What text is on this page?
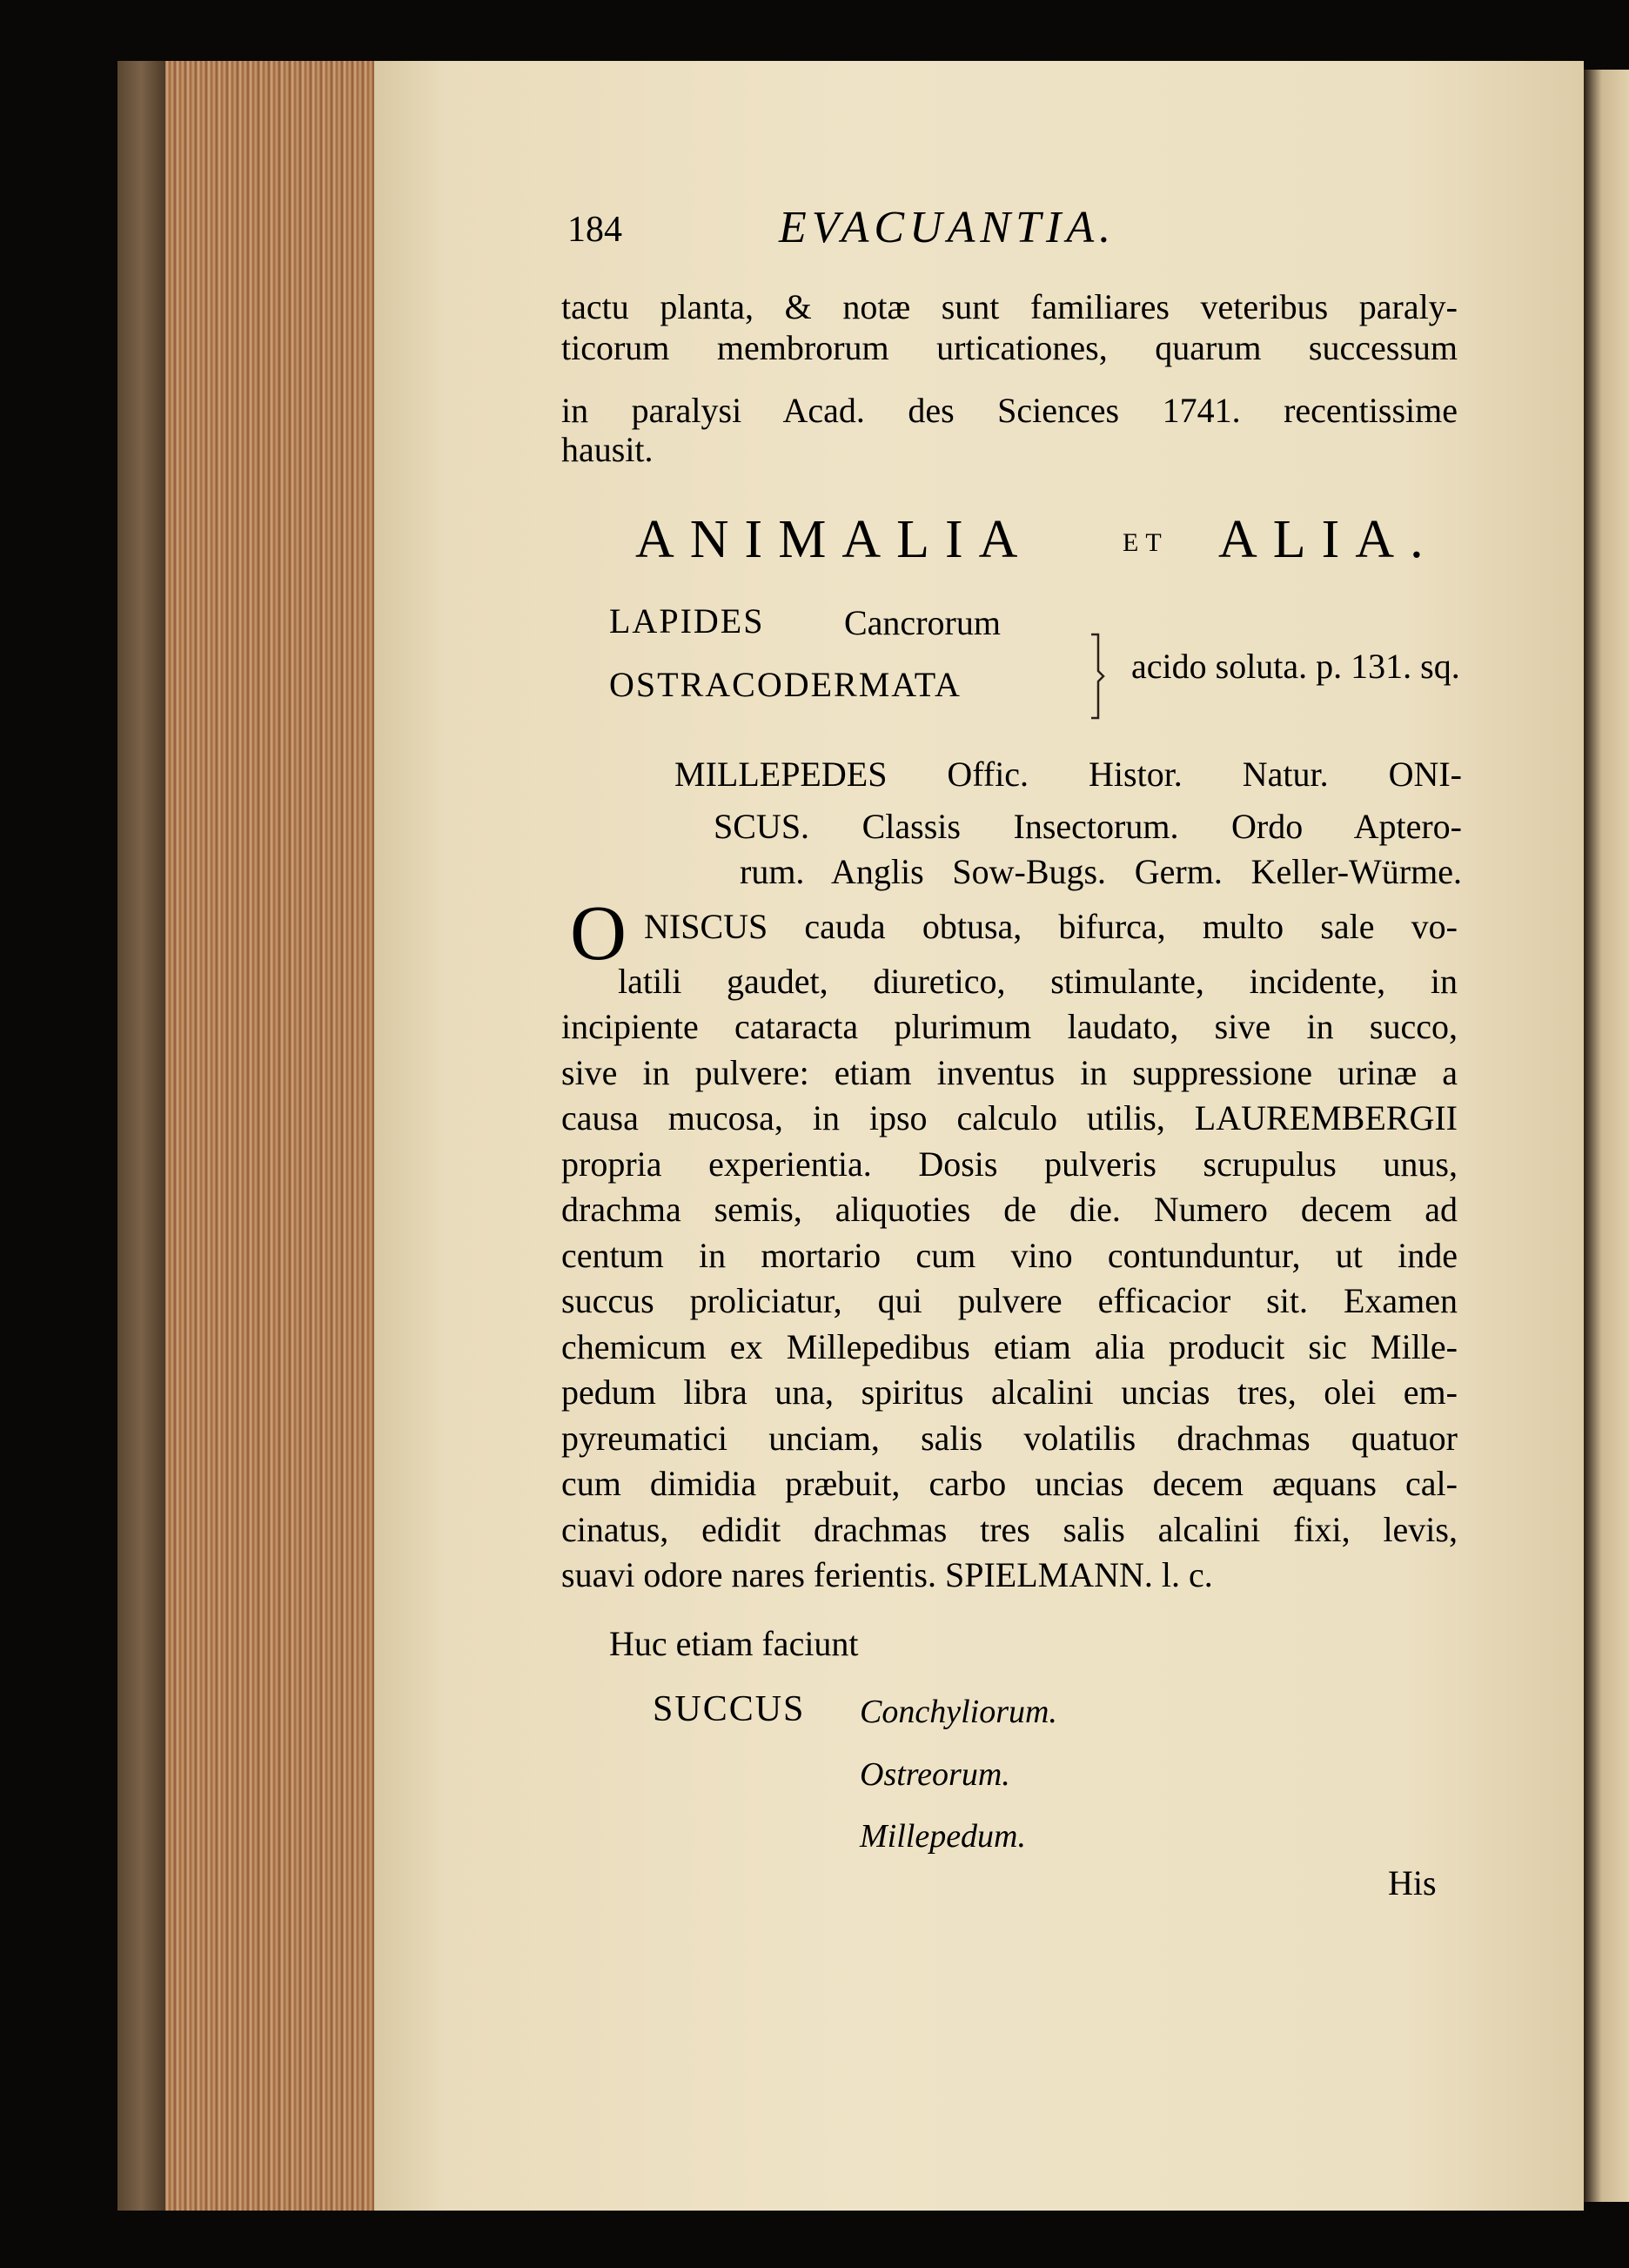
184	EVACUANTIA.
tactu planta, & notæ sunt familiares veteribus paraly-
ticorum membrorum urticationes, quarum successum
in paralysi Acad. des Sciences 1741. recentissime
hausit.
ANIMALIA	ET ALIA.
LAPIDES Cancrorum
OSTRACODERMATA	acido soluta. p. 131. sq.
MILLEPEDES Offic. Histor. Natur. ONI-
SCUS. Classis Insectorum. Ordo Aptero-
rum. Anglis Sow-Bugs. Germ. Keller-Würme.
O NISCUS cauda obtusa, bifurca, multo sale vo-
latili gaudet, diuretico, stimulante, incidente, in
incipiente cataracta plurimum laudato, sive in succo,
sive in pulvere: etiam inventus in suppressione urinæ a
causa mucosa, in ipso calculo utilis, LAUREMBERGII
propria experientia. Dosis pulveris scrupulus unus,
drachma semis, aliquoties de die. Numero decem ad
centum in mortario cum vino contunduntur, ut inde
succus proliciatur, qui pulvere efficacior sit. Examen
chemicum ex Millepedibus etiam alia producit sic Mille-
pedum libra una, spiritus alcalini uncias tres, olei em-
pyreumatici unciam, salis volatilis drachmas quatuor
cum dimidia præbuit, carbo uncias decem æquans cal-
cinatus, edidit drachmas tres salis alcalini fixi, levis,
suavi odore nares ferientis. SPIELMANN. l. c.
Huc etiam faciunt
SUCCUS Conchyliorum.
Ostreorum.
Millepedum.
His
